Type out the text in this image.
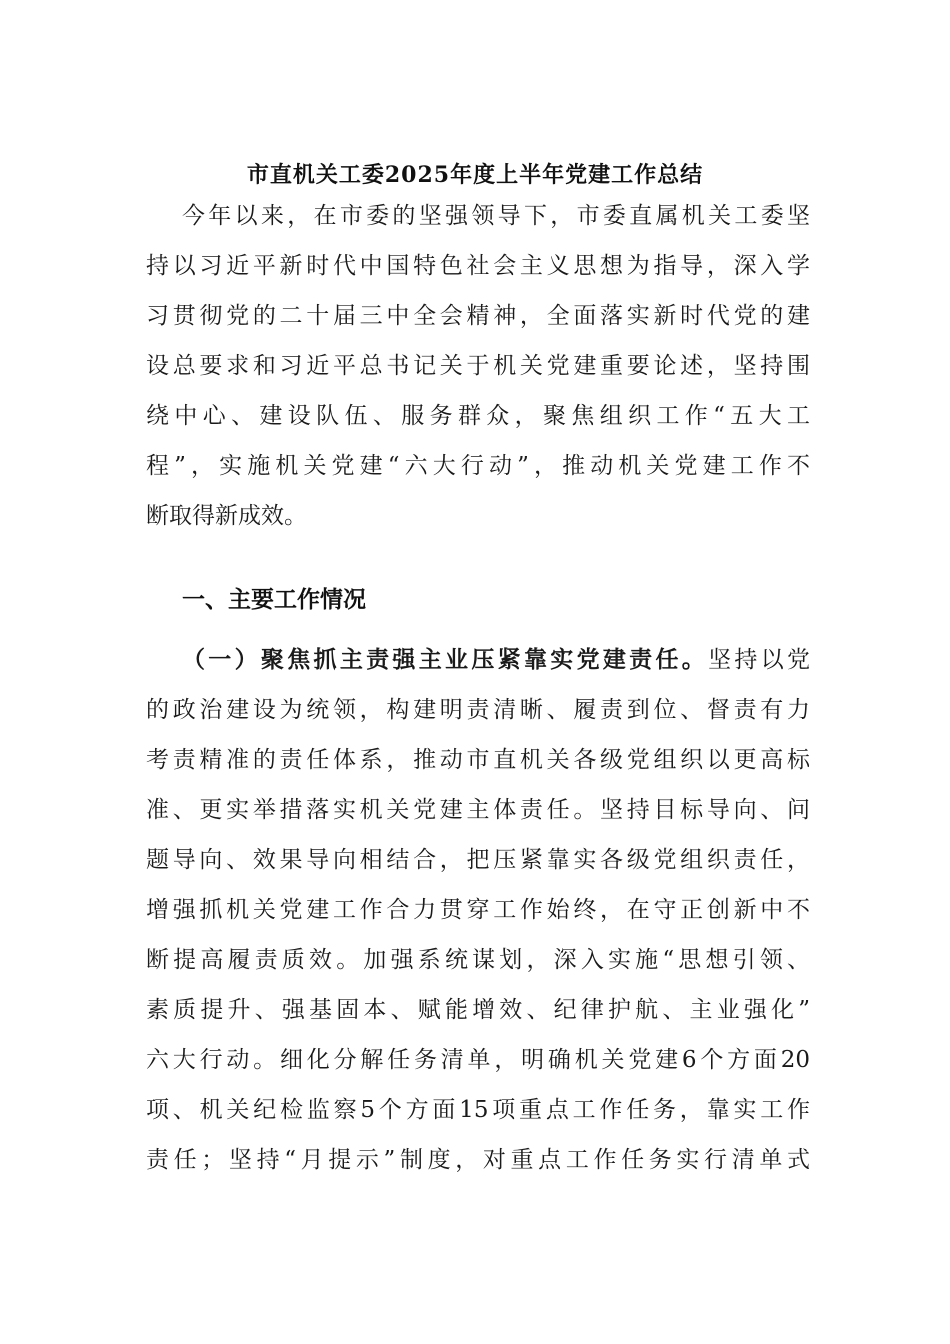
市直机关工委2025年度上半年党建工作总结
今年以来，在市委的坚强领导下，市委直属机关工委坚
持以习近平新时代中国特色社会主义思想为指导，深入学
习贯彻党的二十届三中全会精神，全面落实新时代党的建
设总要求和习近平总书记关于机关党建重要论述，坚持围
绕中心、建设队伍、服务群众，聚焦组织工作“五大工
程”，实施机关党建“六大行动”，推动机关党建工作不
断取得新成效。
一、主要工作情况
（一）聚焦抓主责强主业压紧靠实党建责任。坚持以党
的政治建设为统领，构建明责清晰、履责到位、督责有力
考责精准的责任体系，推动市直机关各级党组织以更高标
准、更实举措落实机关党建主体责任。坚持目标导向、问
题导向、效果导向相结合，把压紧靠实各级党组织责任，
增强抓机关党建工作合力贯穿工作始终，在守正创新中不
断提高履责质效。加强系统谋划，深入实施“思想引领、
素质提升、强基固本、赋能增效、纪律护航、主业强化”
六大行动。细化分解任务清单，明确机关党建6个方面20
项、机关纪检监察5个方面15项重点工作任务，靠实工作
责任；坚持“月提示”制度，对重点工作任务实行清单式
